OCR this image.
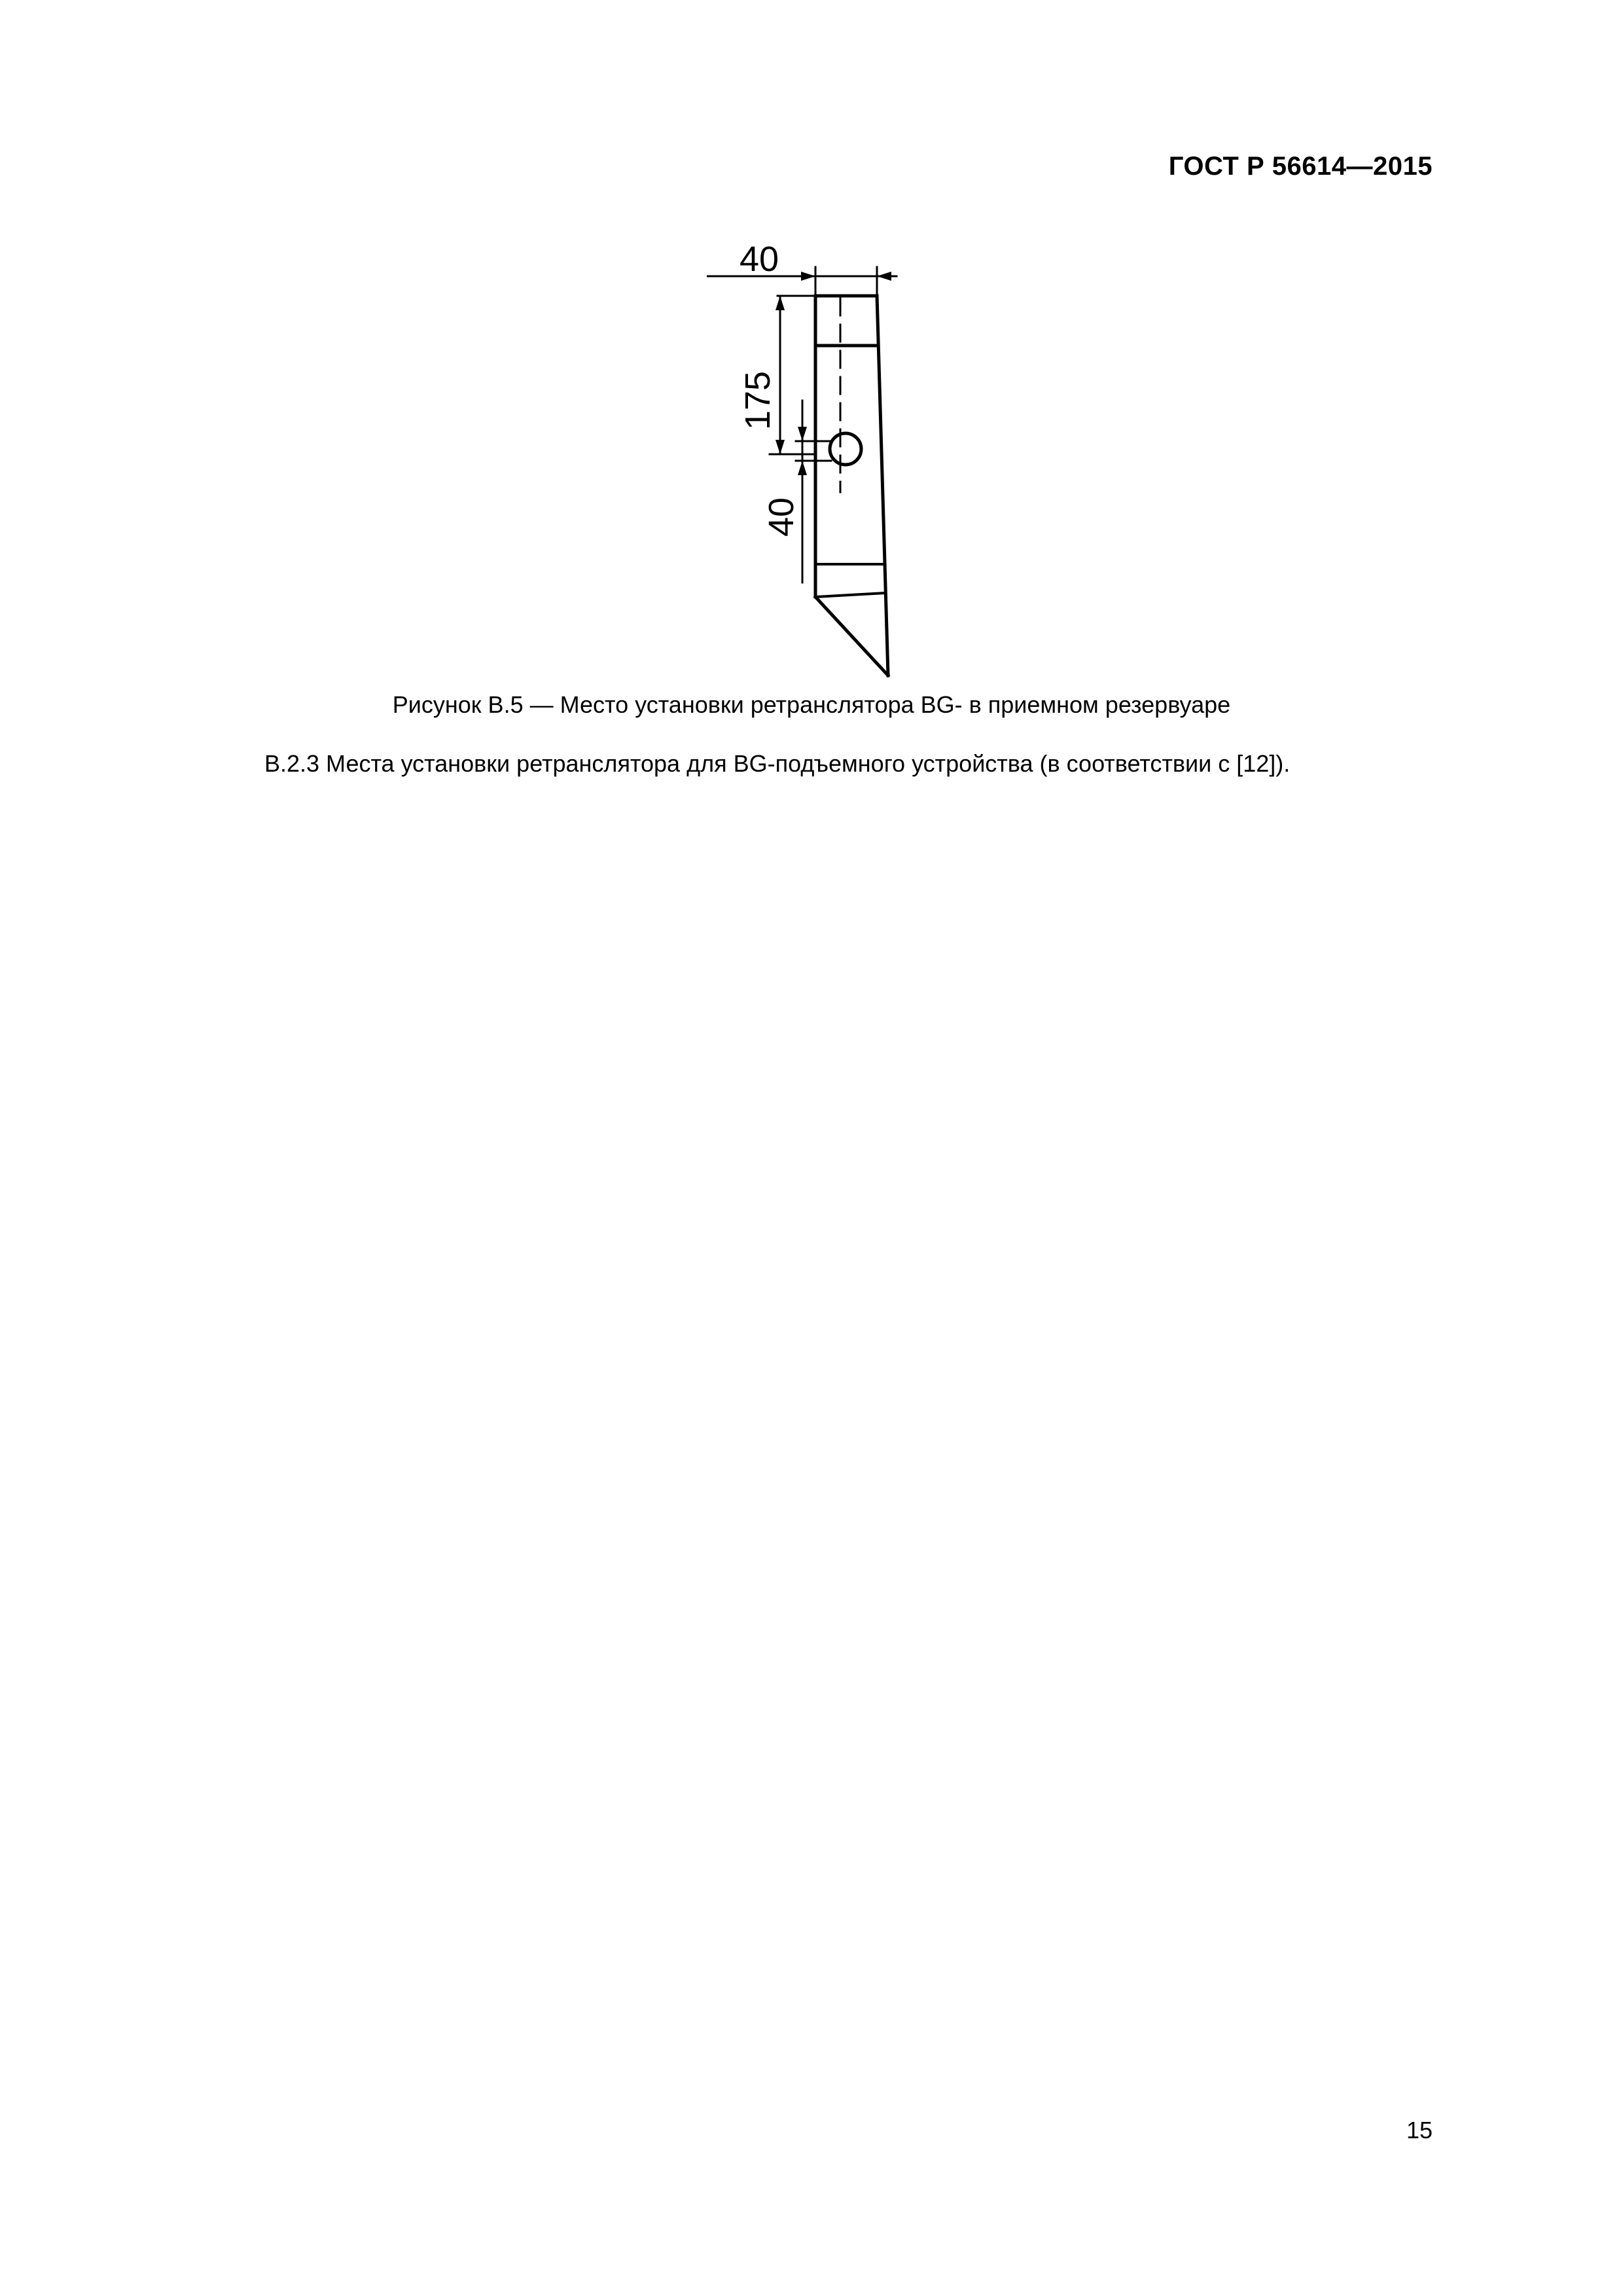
ГОСТ Р 56614—2015
40
175
40
Рисунок В.5 — Место установки ретранслятора BG- в приемном резервуаре
В.2.3 Места установки ретранслятора для BG-подъемного устройства (в соответствии с [12]).
15
